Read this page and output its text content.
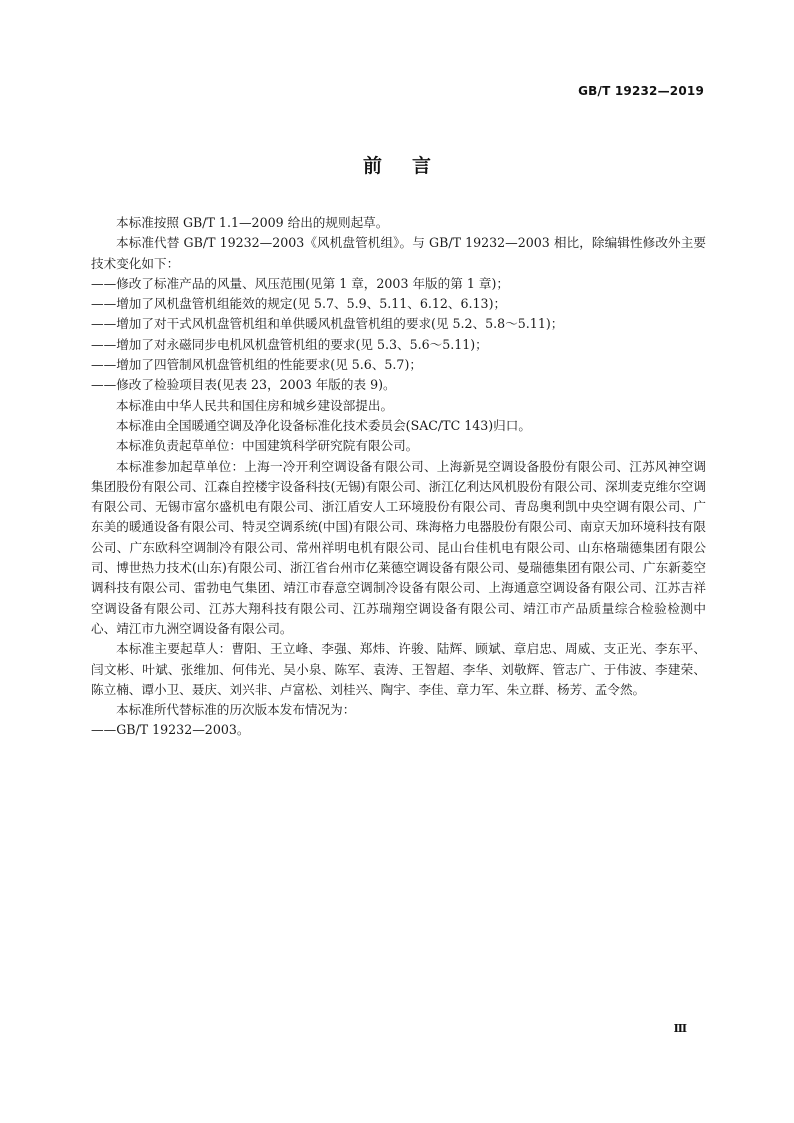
GB/T 19232—2019
前言

本标准按照 GB/T 1.1—2009 给出的规则起草。

本标准代替 GB/T 19232—2003《风机盘管机组》。与 GB/T 19232—2003 相比，除编辑性修改外主要技术变化如下：

——修改了标准产品的风量、风压范围(见第 1 章，2003 年版的第 1 章)；

——增加了风机盘管机组能效的规定(见 5.7、5.9、5.11、6.12、6.13)；

——增加了对干式风机盘管机组和单供暖风机盘管机组的要求(见 5.2、5.8～5.11)；

——增加了对永磁同步电机风机盘管机组的要求(见 5.3、5.6～5.11)；

——增加了四管制风机盘管机组的性能要求(见 5.6、5.7)；

——修改了检验项目表(见表 23，2003 年版的表 9)。

本标准由中华人民共和国住房和城乡建设部提出。

本标准由全国暖通空调及净化设备标准化技术委员会(SAC/TC 143)归口。

本标准负责起草单位：中国建筑科学研究院有限公司。

本标准参加起草单位：上海一冷开利空调设备有限公司、上海新晃空调设备股份有限公司、江苏风神空调集团股份有限公司、江森自控楼宇设备科技(无锡)有限公司、浙江亿利达风机股份有限公司、深圳麦克维尔空调有限公司、无锡市富尔盛机电有限公司、浙江盾安人工环境股份有限公司、青岛奥利凯中央空调有限公司、广东美的暖通设备有限公司、特灵空调系统(中国)有限公司、珠海格力电器股份有限公司、南京天加环境科技有限公司、广东欧科空调制冷有限公司、常州祥明电机有限公司、昆山台佳机电有限公司、山东格瑞德集团有限公司、博世热力技术(山东)有限公司、浙江省台州市亿莱德空调设备有限公司、曼瑞德集团有限公司、广东新菱空调科技有限公司、雷勃电气集团、靖江市春意空调制冷设备有限公司、上海通意空调设备有限公司、江苏吉祥空调设备有限公司、江苏大翔科技有限公司、江苏瑞翔空调设备有限公司、靖江市产品质量综合检验检测中心、靖江市九洲空调设备有限公司。

本标准主要起草人：曹阳、王立峰、李强、郑炜、许骏、陆辉、顾斌、章启忠、周威、支正光、李东平、闫文彬、叶斌、张维加、何伟光、吴小泉、陈军、袁涛、王智超、李华、刘敬辉、管志广、于伟波、李建荣、陈立楠、谭小卫、聂庆、刘兴非、卢富松、刘桂兴、陶宇、李佳、章力军、朱立群、杨芳、孟令然。

本标准所代替标准的历次版本发布情况为：

——GB/T 19232—2003。

Ⅲ
